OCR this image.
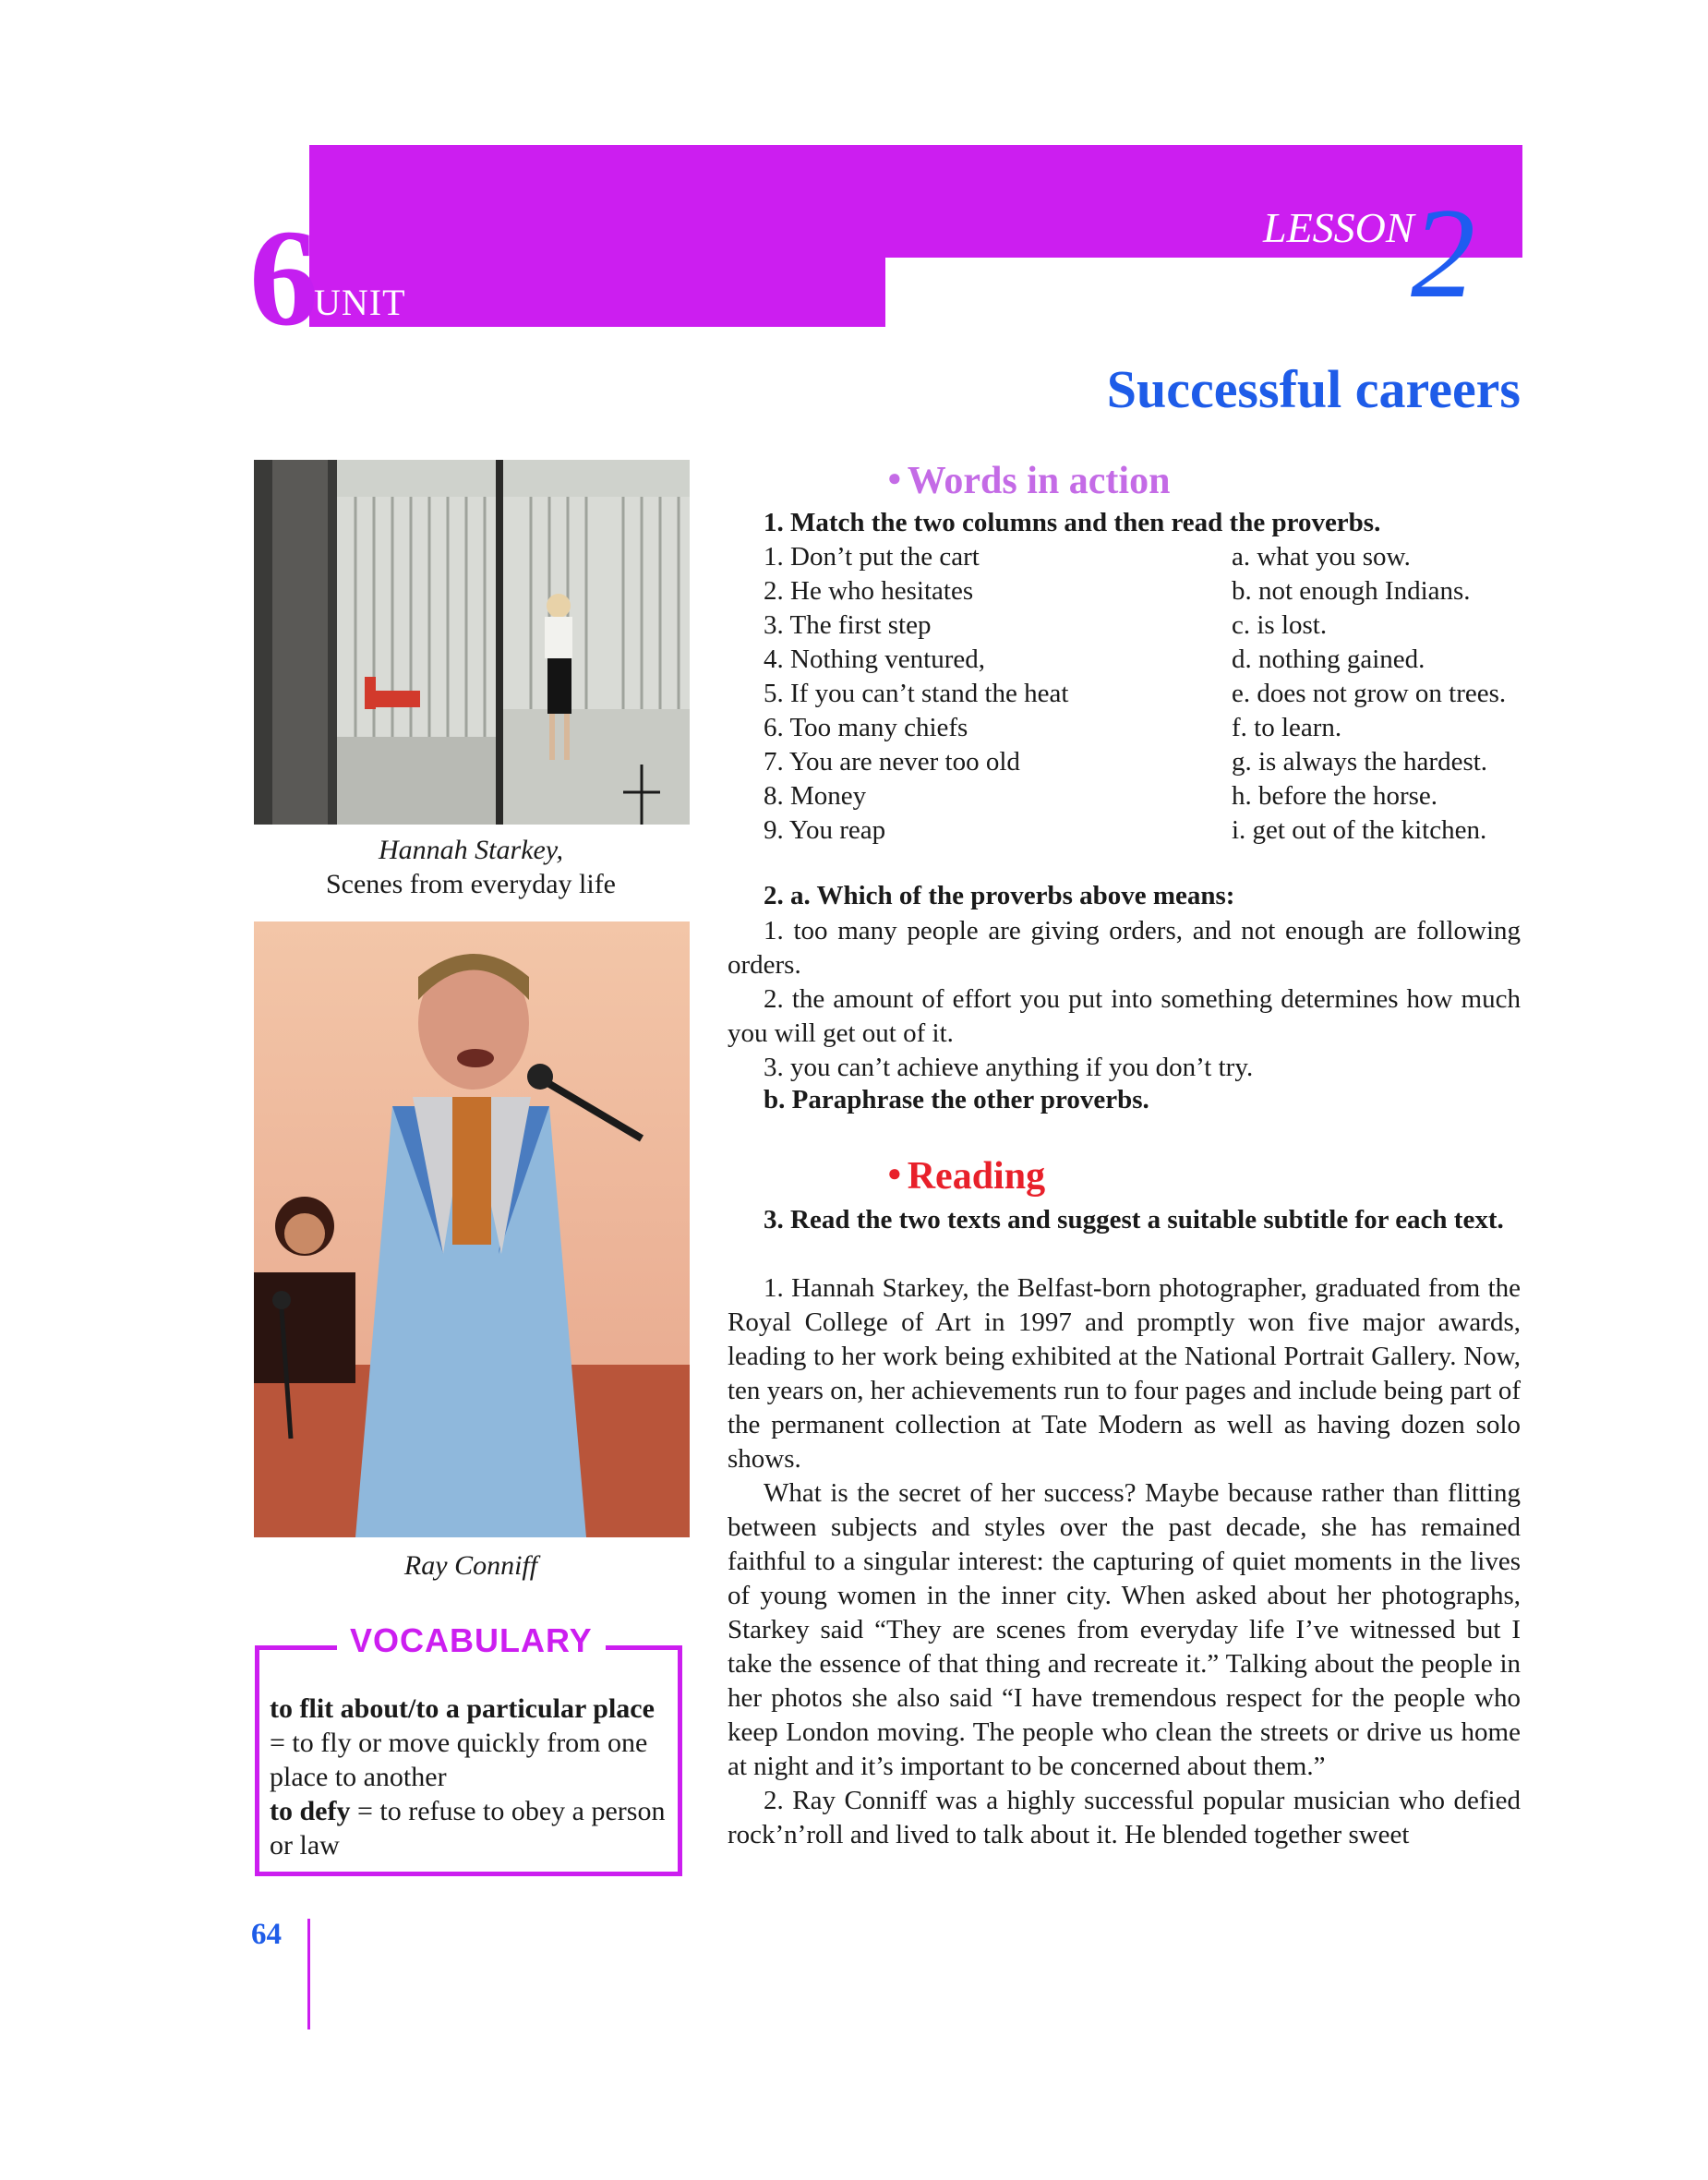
6 UNIT
LESSON
2
Successful careers
Hannah Starkey,
Scenes from everyday life
Ray Conniff
VOCABULARY
to flit about/to a particular place = to fly or move quickly from one place to another
to defy = to refuse to obey a person or law
64
● Words in action
1. Match the two columns and then read the proverbs.
1. Don’t put the cart
2. He who hesitates
3. The first step
4. Nothing ventured,
5. If you can’t stand the heat
6. Too many chiefs
7. You are never too old
8. Money
9. You reap
a. what you sow.
b. not enough Indians.
c. is lost.
d. nothing gained.
e. does not grow on trees.
f. to learn.
g. is always the hardest.
h. before the horse.
i. get out of the kitchen.
2. a. Which of the proverbs above means:

1. too many people are giving orders, and not enough are following orders.

2. the amount of effort you put into something determines how much you will get out of it.

3. you can’t achieve anything if you don’t try.

b. Paraphrase the other proverbs.
● Reading
3. Read the two texts and suggest a suitable subtitle for each text.

1. Hannah Starkey, the Belfast-born photographer, graduated from the Royal College of Art in 1997 and promptly won five major awards, leading to her work being exhibited at the National Portrait Gallery. Now, ten years on, her achievements run to four pages and include being part of the permanent collection at Tate Modern as well as having dozen solo shows.

What is the secret of her success? Maybe because rather than flitting between subjects and styles over the past decade, she has remained faithful to a singular interest: the capturing of quiet moments in the lives of young women in the inner city. When asked about her photographs, Starkey said “They are scenes from everyday life I’ve witnessed but I take the essence of that thing and recreate it.” Talking about the people in her photos she also said “I have tremendous respect for the people who keep London moving. The people who clean the streets or drive us home at night and it’s important to be concerned about them.”

2. Ray Conniff was a highly successful popular musician who defied rock’n’roll and lived to talk about it. He blended together sweet
